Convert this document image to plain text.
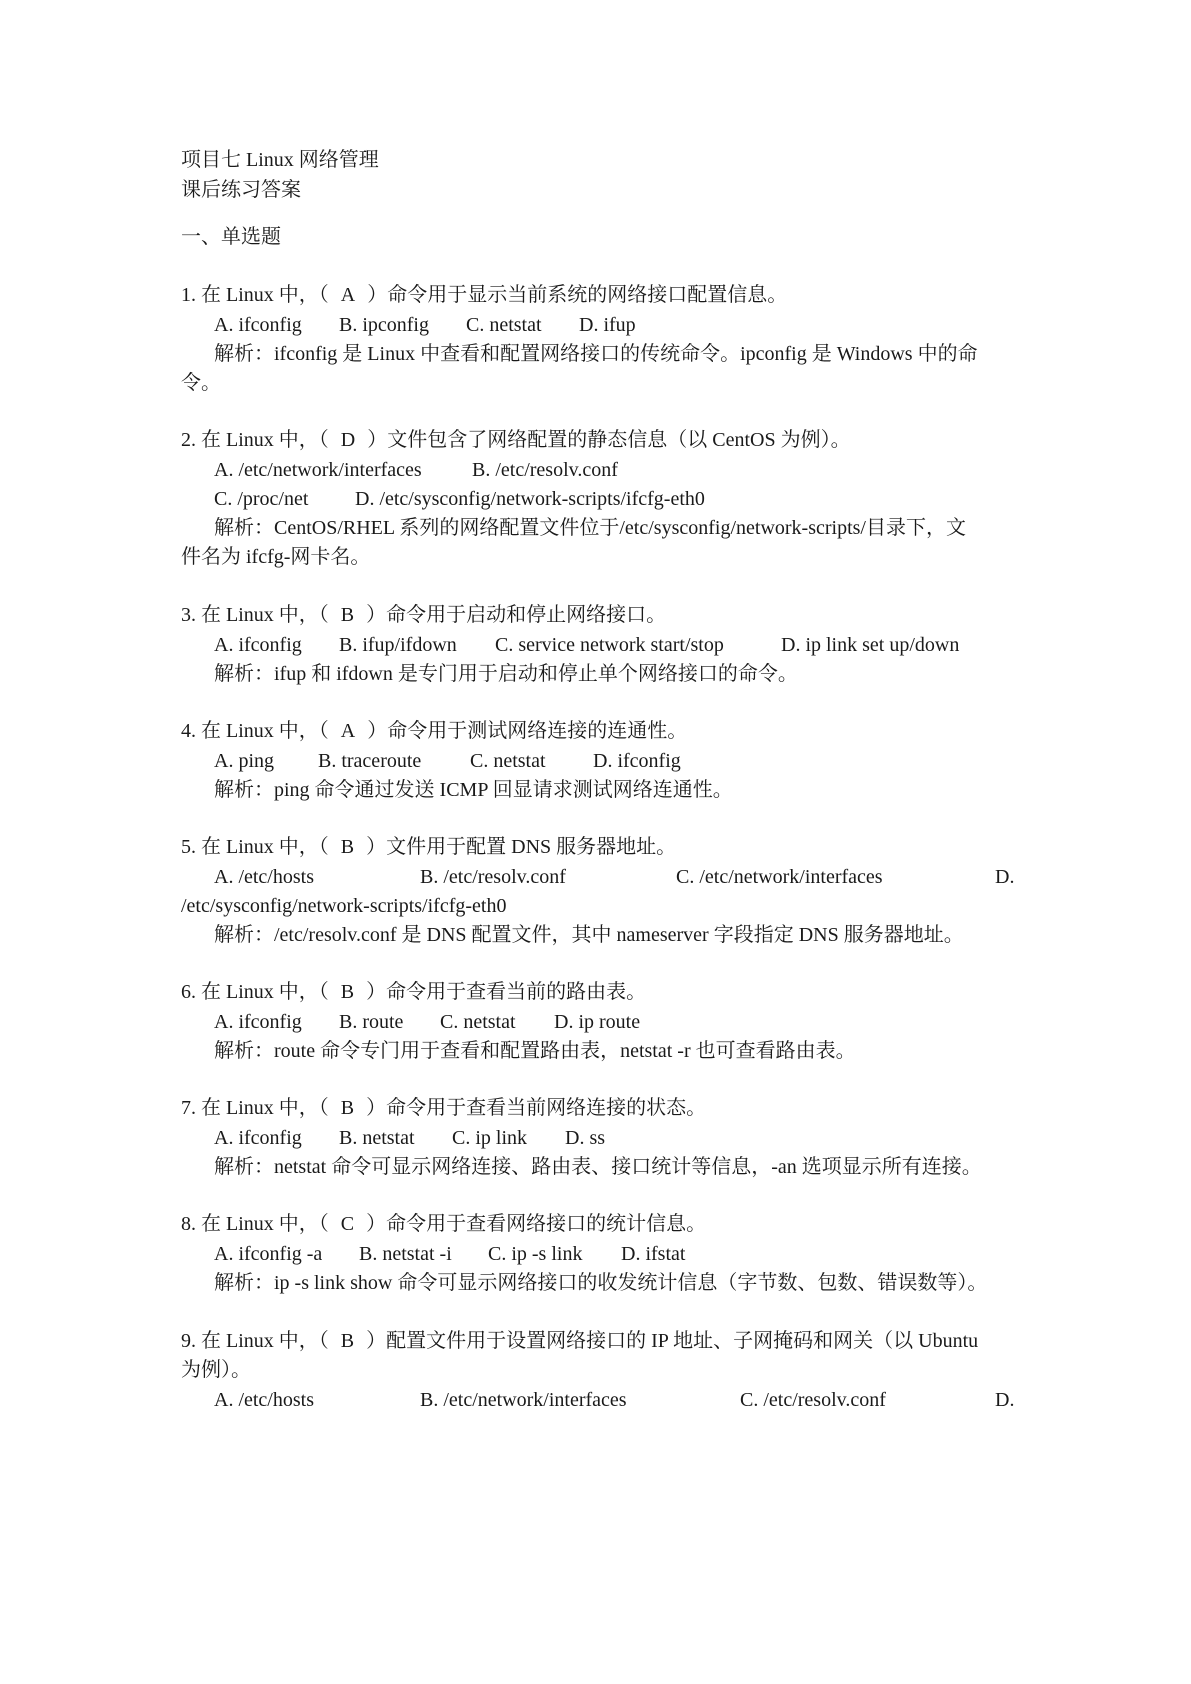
项目七 Linux 网络管理
课后练习答案
一、单选题
1. 在 Linux 中，（ A ）命令用于显示当前系统的网络接口配置信息。
A. ifconfig B. ipconfig C. netstat D. ifup
解析：ifconfig 是 Linux 中查看和配置网络接口的传统命令。ipconfig 是 Windows 中的命
令。
2. 在 Linux 中，（ D ）文件包含了网络配置的静态信息（以 CentOS 为例）。
A. /etc/network/interfaces	B. /etc/resolv.conf
C. /proc/net D. /etc/sysconfig/network-scripts/ifcfg-eth0
解析：CentOS/RHEL 系列的网络配置文件位于/etc/sysconfig/network-scripts/目录下，文
件名为 ifcfg-网卡名。
3. 在 Linux 中，（ B ）命令用于启动和停止网络接口。
A. ifconfig B. ifup/ifdown C. service network start/stop	D. ip link set up/down
解析：ifup 和 ifdown 是专门用于启动和停止单个网络接口的命令。
4. 在 Linux 中，（ A ）命令用于测试网络连接的连通性。
A. ping B. traceroute C. netstat D. ifconfig
解析：ping 命令通过发送 ICMP 回显请求测试网络连通性。
5. 在 Linux 中，（ B ）文件用于配置 DNS 服务器地址。
A. /etc/hosts	B. /etc/resolv.conf	C. /etc/network/interfaces	D.
/etc/sysconfig/network-scripts/ifcfg-eth0
解析：/etc/resolv.conf 是 DNS 配置文件，其中 nameserver 字段指定 DNS 服务器地址。
6. 在 Linux 中，（ B ）命令用于查看当前的路由表。
A. ifconfig B. route C. netstat D. ip route
解析：route 命令专门用于查看和配置路由表，netstat -r 也可查看路由表。
7. 在 Linux 中，（ B ）命令用于查看当前网络连接的状态。
A. ifconfig B. netstat C. ip link D. ss
解析：netstat 命令可显示网络连接、路由表、接口统计等信息，-an 选项显示所有连接。
8. 在 Linux 中，（ C ）命令用于查看网络接口的统计信息。
A. ifconfig -a B. netstat -i C. ip -s link D. ifstat
解析：ip -s link show 命令可显示网络接口的收发统计信息（字节数、包数、错误数等）。
9. 在 Linux 中，（ B ）配置文件用于设置网络接口的 IP 地址、子网掩码和网关（以 Ubuntu
为例）。
A. /etc/hosts	B. /etc/network/interfaces	C. /etc/resolv.conf	D.
